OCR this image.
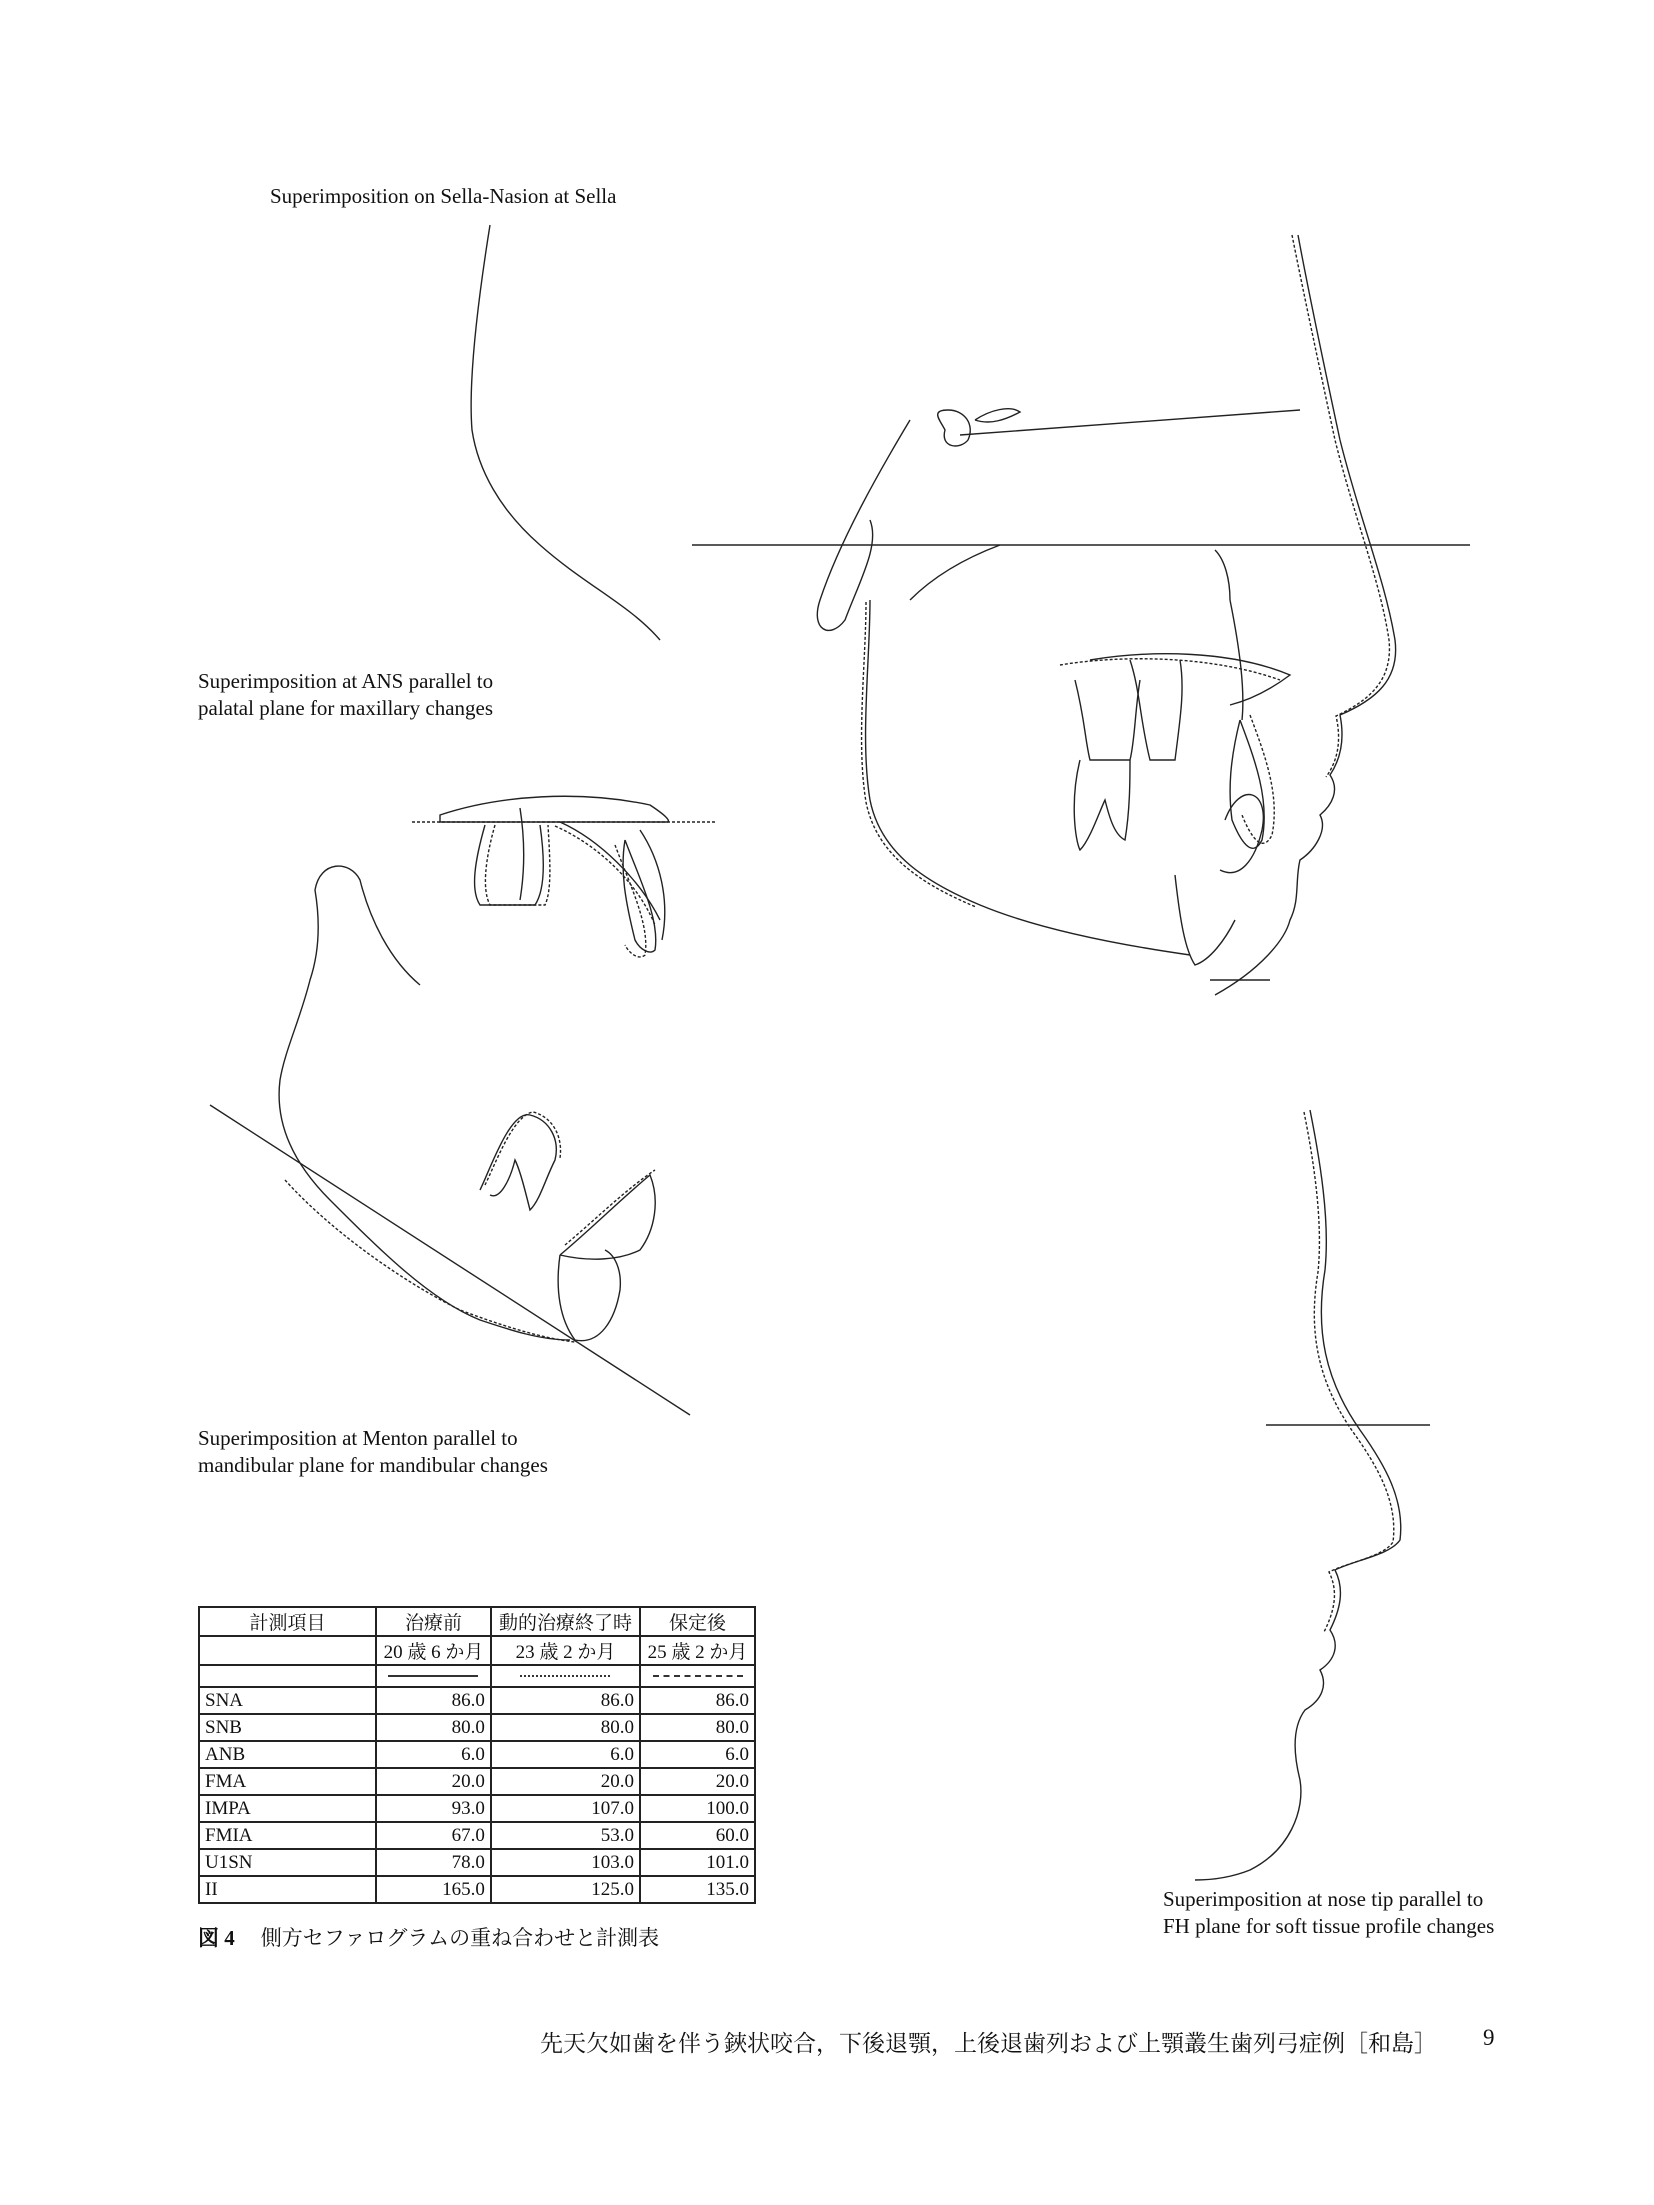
Superimposition on Sella-Nasion at Sella
Superimposition at ANS parallel to
palatal plane for maxillary changes
Superimposition at Menton parallel to
mandibular plane for mandibular changes
Superimposition at nose tip parallel to
FH plane for soft tissue profile changes
計測項目	治療前	動的治療終了時	保定後
	20 歳 6 か月	23 歳 2 か月	25 歳 2 か月

SNA	86.0	86.0	86.0
SNB	80.0	80.0	80.0
ANB	6.0	6.0	6.0
FMA	20.0	20.0	20.0
IMPA	93.0	107.0	100.0
FMIA	67.0	53.0	60.0
U1SN	78.0	103.0	101.0
II	165.0	125.0	135.0
図 4 側方セファログラムの重ね合わせと計測表
先天欠如歯を伴う鋏状咬合，下後退顎，上後退歯列および上顎叢生歯列弓症例［和島］ 9
